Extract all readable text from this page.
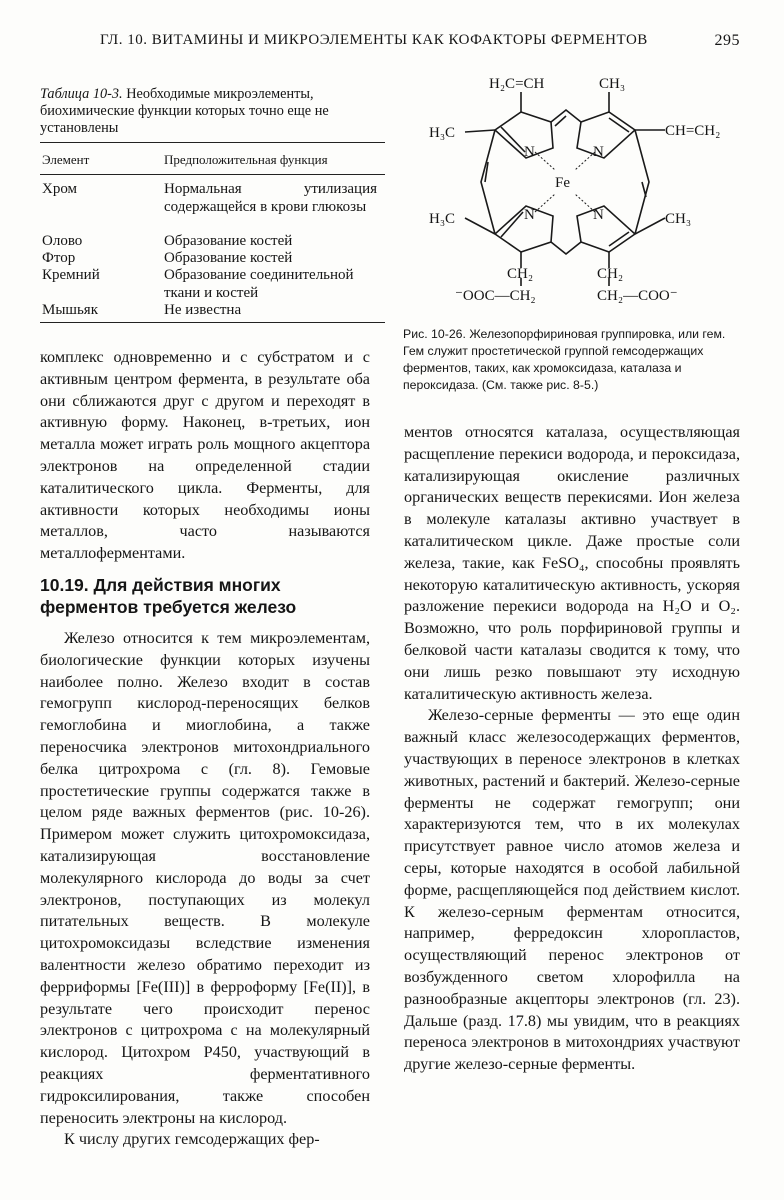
ГЛ. 10. ВИТАМИНЫ И МИКРОЭЛЕМЕНТЫ КАК КОФАКТОРЫ ФЕРМЕНТОВ	295
Таблица 10-3. Необходимые микроэлементы, биохимические функции которых точно еще не установлены
Элемент	Предположительная функция
Хром	Нормальная утилизация содержащейся в крови глюкозы
Олово	Образование костей
Фтор	Образование костей
Кремний	Образование соединительной ткани и костей
Мышьяк	Не известна

комплекс одновременно и с субстратом и с активным центром фермента, в результате оба они сближаются друг с другом и переходят в активную форму. Наконец, в-третьих, ион металла может играть роль мощного акцептора электронов на определенной стадии каталитического цикла. Ферменты, для активности которых необходимы ионы металлов, часто называются металлоферментами.

10.19. Для действия многих ферментов требуется железо

Железо относится к тем микроэлементам, биологические функции которых изучены наиболее полно. Железо входит в состав гемогрупп кислород-переносящих белков гемоглобина и миоглобина, а также переносчика электронов митохондриального белка цитрохрома c (гл. 8). Гемовые простетические группы содержатся также в целом ряде важных ферментов (рис. 10-26). Примером может служить цитохромоксидаза, катализирующая восстановление молекулярного кислорода до воды за счет электронов, поступающих из молекул питательных веществ. В молекуле цитохромоксидазы вследствие изменения валентности железо обратимо переходит из ферриформы [Fe(III)] в ферроформу [Fe(II)], в результате чего происходит перенос электронов с цитрохрома c на молекулярный кислород. Цитохром P450, участвующий в реакциях ферментативного гидроксилирования, также способен переносить электроны на кислород.

К числу других гемсодержащих фер-

H₂C=CH	CH₃
H₃C	CH=CH₂
N	N
Fe
N	N
H₃C	CH₃
CH₂	CH₂
⁻OOC—CH₂	CH₂—COO⁻
Рис. 10-26. Железопорфириновая группировка, или гем. Гем служит простетической группой гемсодержащих ферментов, таких, как хромоксидаза, каталаза и пероксидаза. (См. также рис. 8-5.)

ментов относятся каталаза, осуществляющая расщепление перекиси водорода, и пероксидаза, катализирующая окисление различных органических веществ перекисями. Ион железа в молекуле каталазы активно участвует в каталитическом цикле. Даже простые соли железа, такие, как FeSO₄, способны проявлять некоторую каталитическую активность, ускоряя разложение перекиси водорода на H₂O и O₂. Возможно, что роль порфириновой группы и белковой части каталазы сводится к тому, что они лишь резко повышают эту исходную каталитическую активность железа.

Железо-серные ферменты — это еще один важный класс железосодержащих ферментов, участвующих в переносе электронов в клетках животных, растений и бактерий. Железо-серные ферменты не содержат гемогрупп; они характеризуются тем, что в их молекулах присутствует равное число атомов железа и серы, которые находятся в особой лабильной форме, расщепляющейся под действием кислот. К железо-серным ферментам относится, например, ферредоксин хлоропластов, осуществляющий перенос электронов от возбужденного светом хлорофилла на разнообразные акцепторы электронов (гл. 23). Дальше (разд. 17.8) мы увидим, что в реакциях переноса электронов в митохондриях участвуют другие железо-серные ферменты.
